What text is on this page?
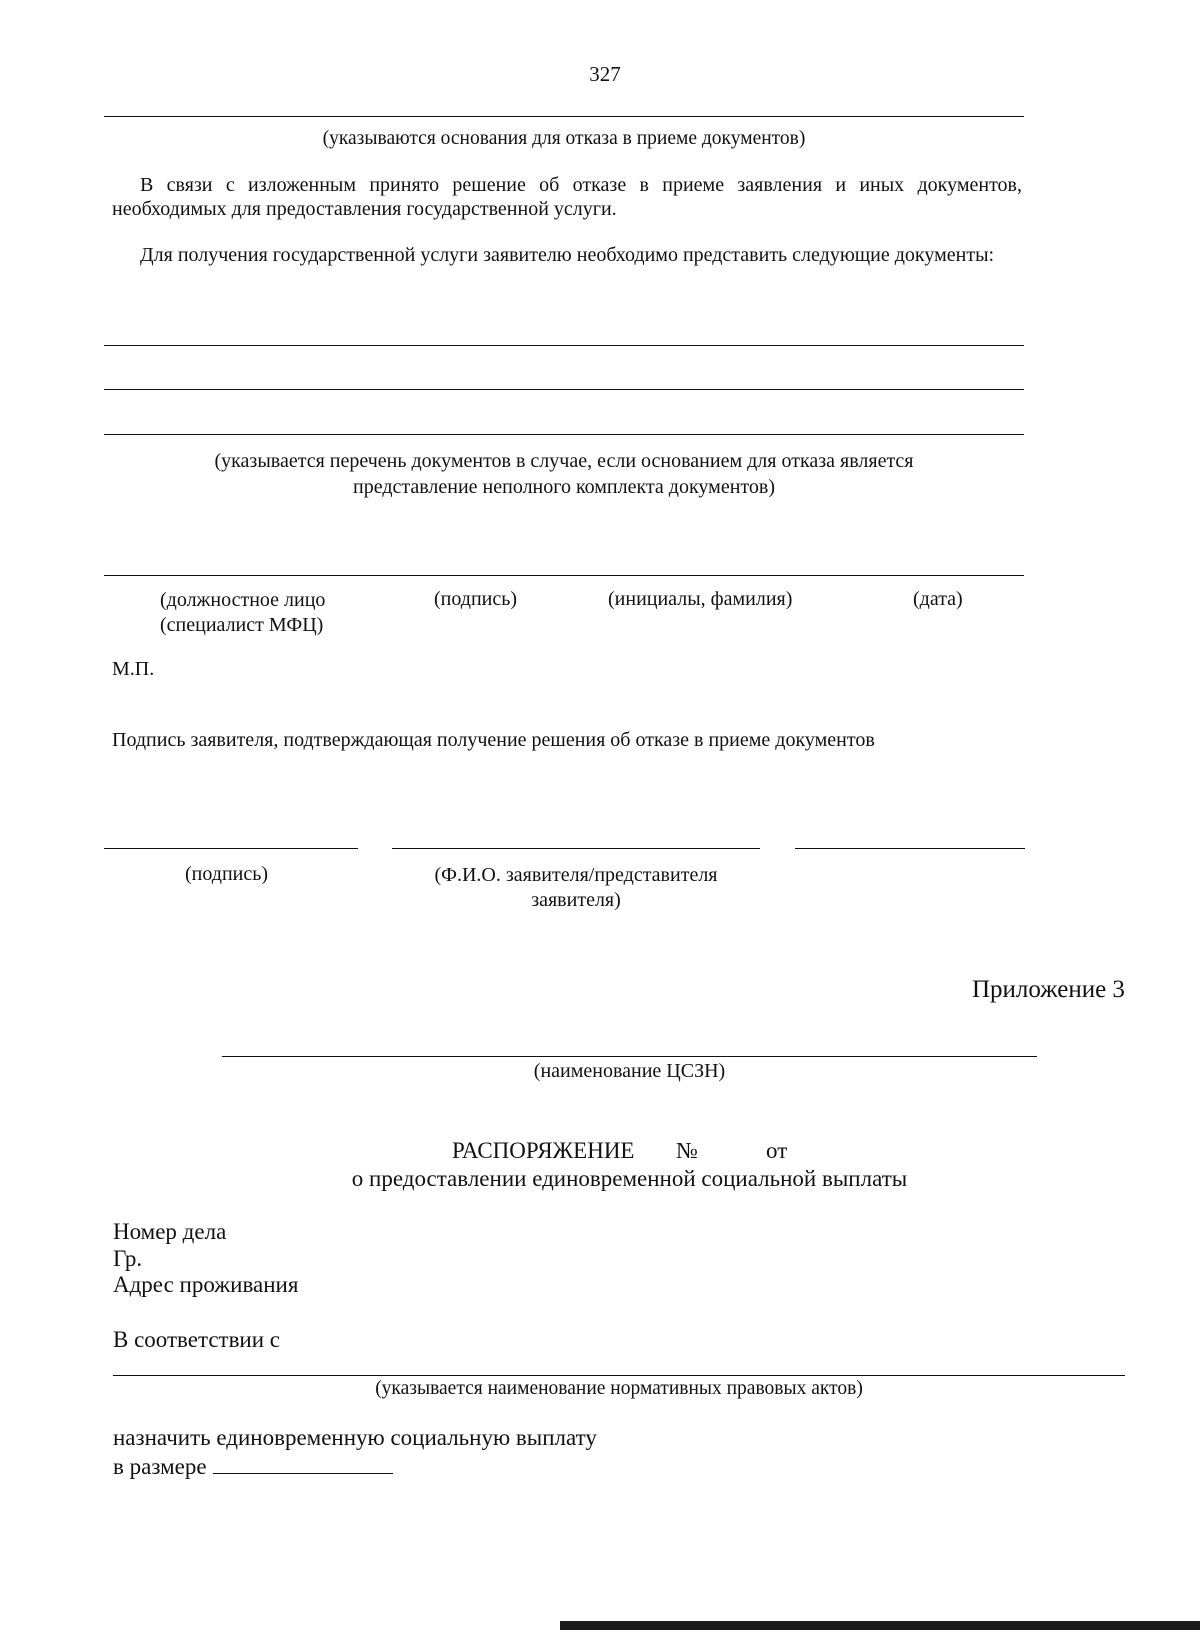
327
(указываются основания для отказа в приеме документов)
В связи с изложенным принято решение об отказе в приеме заявления и иных документов, необходимых для предоставления государственной услуги.
Для получения государственной услуги заявителю необходимо представить следующие документы:
(указывается перечень документов в случае, если основанием для отказа является
представление неполного комплекта документов)
(должностное лицо
(специалист МФЦ)
(подпись)	(инициалы, фамилия)	(дата)
М.П.
Подпись заявителя, подтверждающая получение решения об отказе в приеме документов
(подпись)	(Ф.И.О. заявителя/представителя
заявителя)
Приложение 3
(наименование ЦСЗН)
РАСПОРЯЖЕНИЕ №	от
о предоставлении единовременной социальной выплаты
Номер дела
Гр.
Адрес проживания
В соответствии с
(указывается наименование нормативных правовых актов)
назначить единовременную социальную выплату
в размере
